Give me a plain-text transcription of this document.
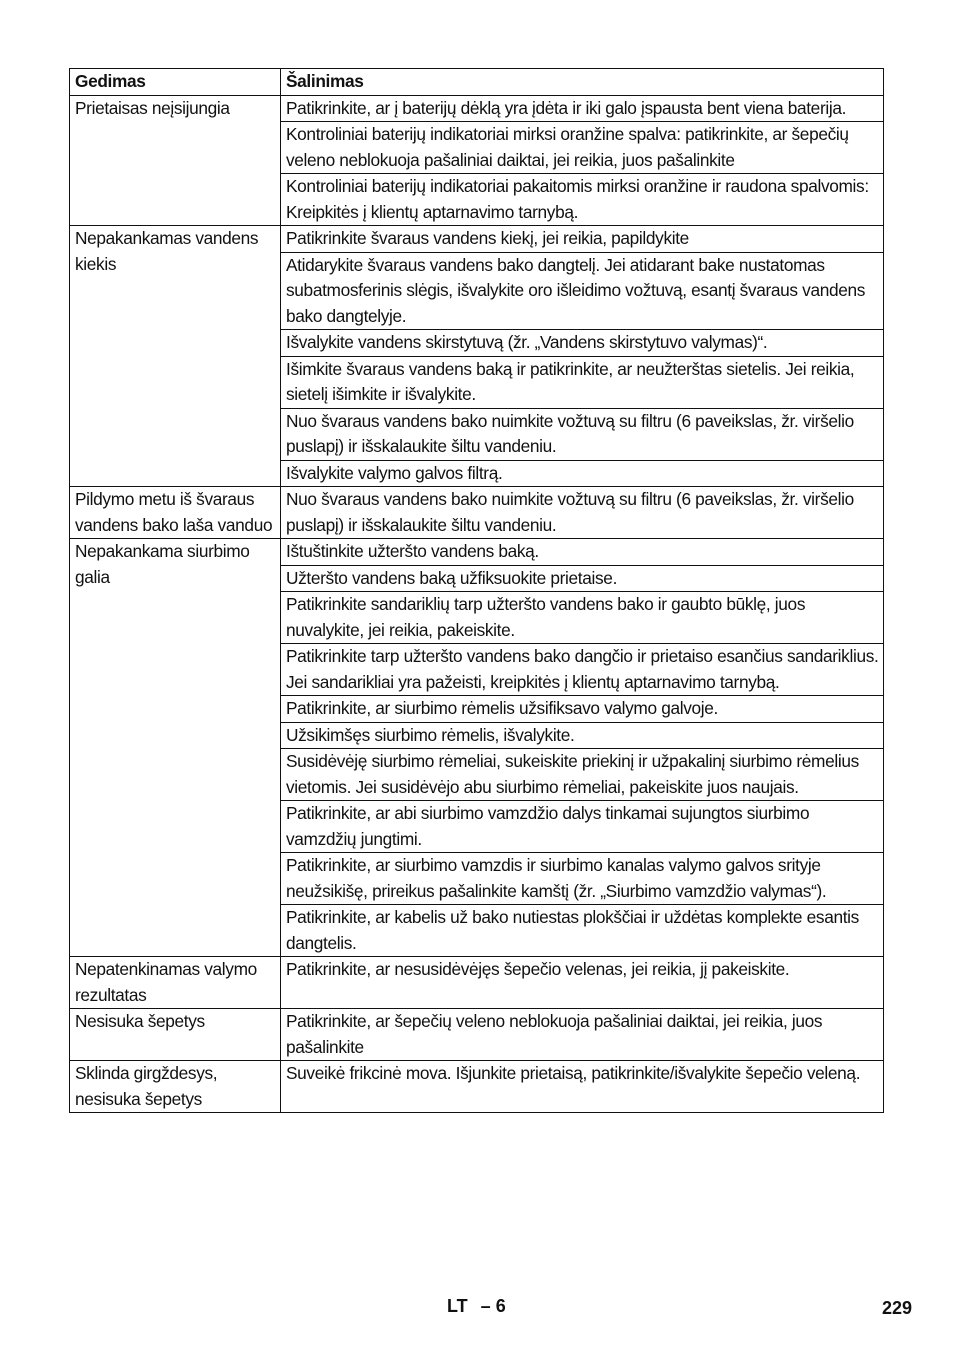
Gedimas	Šalinimas
Prietaisas neįsijungia	Patikrinkite, ar į baterijų dėklą yra įdėta ir iki galo įspausta bent viena baterija.
	Kontroliniai baterijų indikatoriai mirksi oranžine spalva: patikrinkite, ar šepečių veleno neblokuoja pašaliniai daiktai, jei reikia, juos pašalinkite
	Kontroliniai baterijų indikatoriai pakaitomis mirksi oranžine ir raudona spalvomis: Kreipkitės į klientų aptarnavimo tarnybą.
Nepakankamas vandens kiekis	Patikrinkite švaraus vandens kiekį, jei reikia, papildykite
	Atidarykite švaraus vandens bako dangtelį. Jei atidarant bake nustatomas subatmosferinis slėgis, išvalykite oro išleidimo vožtuvą, esantį švaraus vandens bako dangtelyje.
	Išvalykite vandens skirstytuvą (žr. „Vandens skirstytuvo valymas)“.
	Išimkite švaraus vandens baką ir patikrinkite, ar neužterštas sietelis. Jei reikia, sietelį išimkite ir išvalykite.
	Nuo švaraus vandens bako nuimkite vožtuvą su filtru (6 paveikslas, žr. viršelio puslapį) ir išskalaukite šiltu vandeniu.
	Išvalykite valymo galvos filtrą.
Pildymo metu iš švaraus vandens bako laša vanduo	Nuo švaraus vandens bako nuimkite vožtuvą su filtru (6 paveikslas, žr. viršelio puslapį) ir išskalaukite šiltu vandeniu.
Nepakankama siurbimo galia	Ištuštinkite užteršto vandens baką.
	Užteršto vandens baką užfiksuokite prietaise.
	Patikrinkite sandariklių tarp užteršto vandens bako ir gaubto būklę, juos nuvalykite, jei reikia, pakeiskite.
	Patikrinkite tarp užteršto vandens bako dangčio ir prietaiso esančius sandariklius. Jei sandarikliai yra pažeisti, kreipkitės į klientų aptarnavimo tarnybą.
	Patikrinkite, ar siurbimo rėmelis užsifiksavo valymo galvoje.
	Užsikimšęs siurbimo rėmelis, išvalykite.
	Susidėvėję siurbimo rėmeliai, sukeiskite priekinį ir užpakalinį siurbimo rėmelius vietomis. Jei susidėvėjo abu siurbimo rėmeliai, pakeiskite juos naujais.
	Patikrinkite, ar abi siurbimo vamzdžio dalys tinkamai sujungtos siurbimo vamzdžių jungtimi.
	Patikrinkite, ar siurbimo vamzdis ir siurbimo kanalas valymo galvos srityje neužsikišę, prireikus pašalinkite kamštį (žr. „Siurbimo vamzdžio valymas“).
	Patikrinkite, ar kabelis už bako nutiestas plokščiai ir uždėtas komplekte esantis dangtelis.
Nepatenkinamas valymo rezultatas	Patikrinkite, ar nesusidėvėjęs šepečio velenas, jei reikia, jį pakeiskite.
Nesisuka šepetys	Patikrinkite, ar šepečių veleno neblokuoja pašaliniai daiktai, jei reikia, juos pašalinkite
Sklinda girgždesys, nesisuka šepetys	Suveikė frikcinė mova. Išjunkite prietaisą, patikrinkite/išvalykite šepečio veleną.
LT – 6	229
